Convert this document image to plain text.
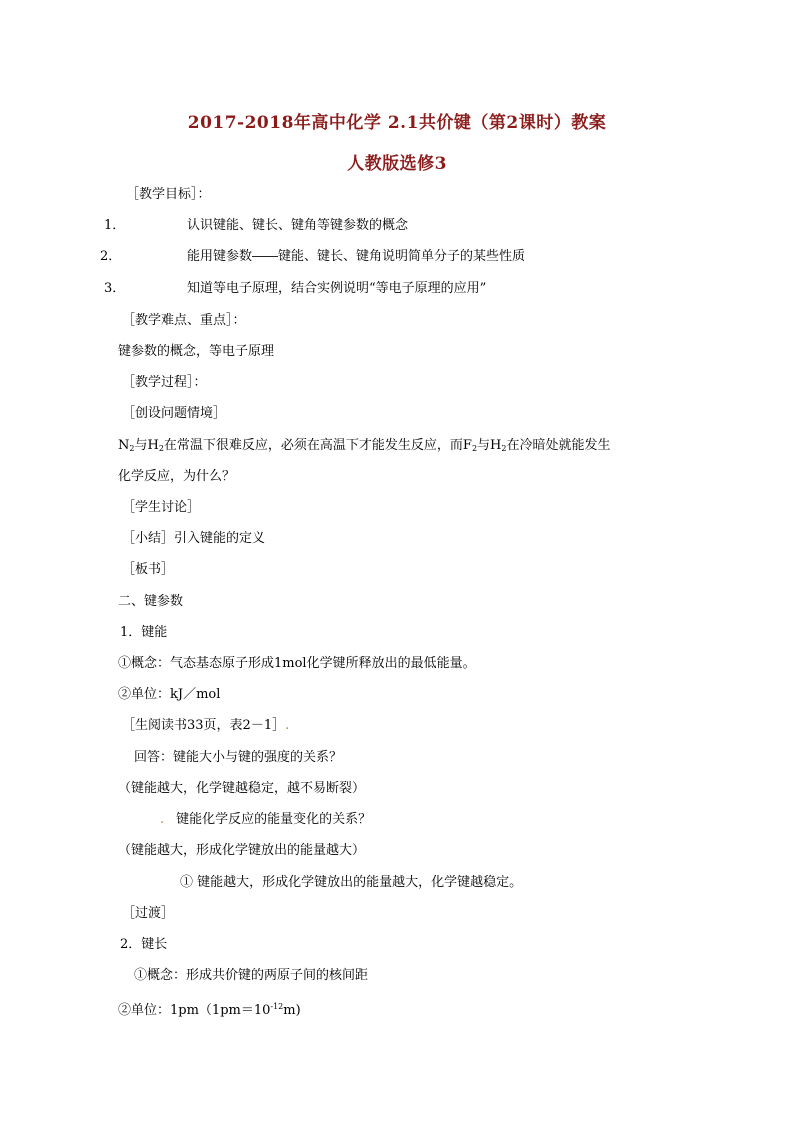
2017-2018年高中化学 2.1共价键（第2课时）教案
人教版选修3
［教学目标］：
1．	认识键能、键长、键角等键参数的概念
2．	能用键参数――键能、键长、键角说明简单分子的某些性质
3．	知道等电子原理，结合实例说明“等电子原理的应用”
［教学难点、重点］：
键参数的概念，等电子原理
［教学过程］：
［创设问题情境］
$N_2$与$H_2$在常温下很难反应，必须在高温下才能发生反应，而$F_2$与$H_2$在冷暗处就能发生
化学反应，为什么？
［学生讨论］
［小结］引入键能的定义
［板书］
二、键参数
1．键能
①概念：气态基态原子形成1mol化学键所释放出的最低能量。
②单位：kJ／mol
［生阅读书33页，表2－1］.
回答：键能大小与键的强度的关系？
（键能越大，化学键越稳定，越不易断裂）
. 键能化学反应的能量变化的关系？
（键能越大，形成化学键放出的能量越大）
① 键能越大，形成化学键放出的能量越大，化学键越稳定。
［过渡］
2．键长
①概念：形成共价键的两原子间的核间距
②单位：$1pm(1pm=10^{-12}m)$
